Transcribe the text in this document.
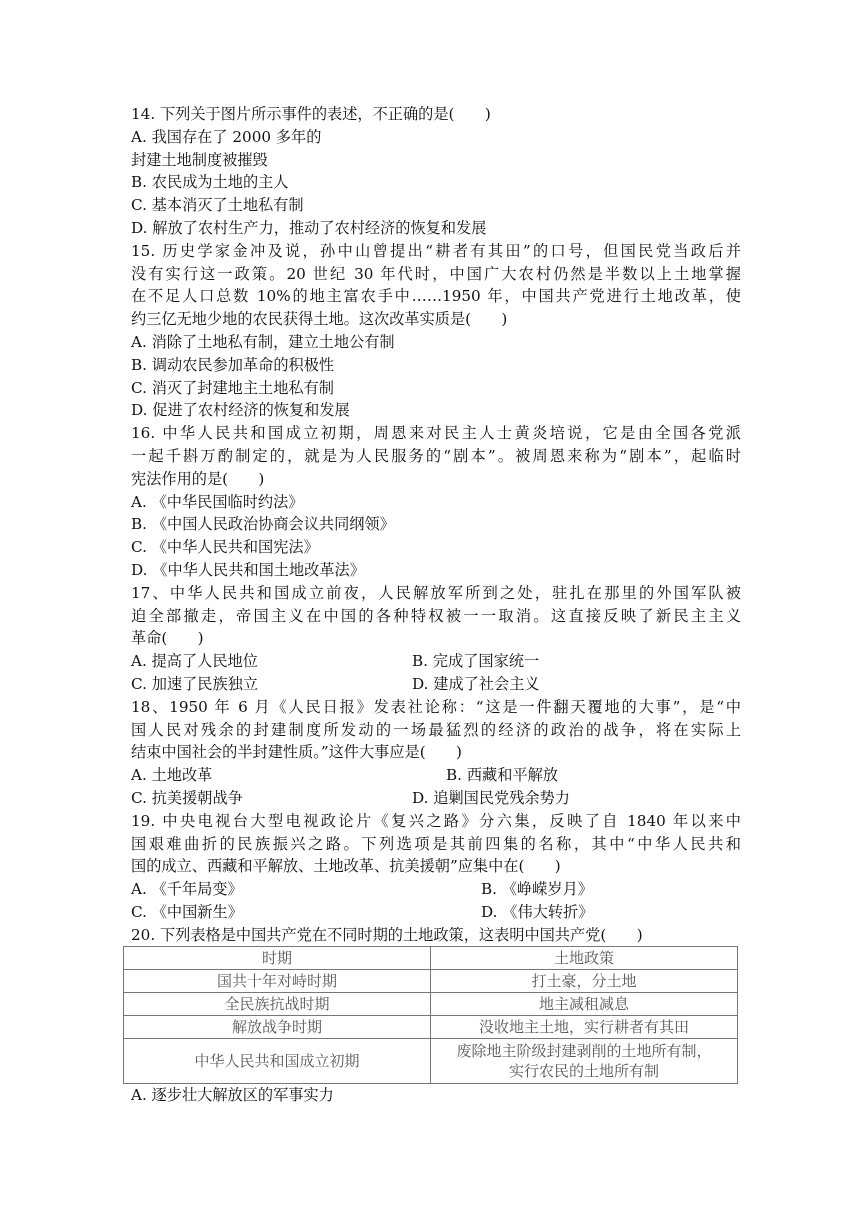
14. 下列关于图片所示事件的表述，不正确的是(　　)
A. 我国存在了 2000 多年的
封建土地制度被摧毁
B. 农民成为土地的主人
C. 基本消灭了土地私有制
D. 解放了农村生产力，推动了农村经济的恢复和发展
15. 历史学家金冲及说，孙中山曾提出“耕者有其田”的口号，但国民党当政后并
没有实行这一政策。20 世纪 30 年代时，中国广大农村仍然是半数以上土地掌握
在不足人口总数 10%的地主富农手中……1950 年，中国共产党进行土地改革，使
约三亿无地少地的农民获得土地。这次改革实质是(　　)
A. 消除了土地私有制，建立土地公有制
B. 调动农民参加革命的积极性
C. 消灭了封建地主土地私有制
D. 促进了农村经济的恢复和发展
16. 中华人民共和国成立初期，周恩来对民主人士黄炎培说，它是由全国各党派
一起千斟万酌制定的，就是为人民服务的“剧本”。被周恩来称为“剧本”，起临时
宪法作用的是(　　)
A. 《中华民国临时约法》
B. 《中国人民政治协商会议共同纲领》
C. 《中华人民共和国宪法》
D. 《中华人民共和国土地改革法》
17、中华人民共和国成立前夜，人民解放军所到之处，驻扎在那里的外国军队被
迫全部撤走，帝国主义在中国的各种特权被一一取消。这直接反映了新民主主义
革命(　　)
A. 提高了人民地位	B. 完成了国家统一
C. 加速了民族独立	D. 建成了社会主义
18、1950 年 6 月《人民日报》发表社论称：“这是一件翻天覆地的大事”，是“中
国人民对残余的封建制度所发动的一场最猛烈的经济的政治的战争，将在实际上
结束中国社会的半封建性质。”这件大事应是(　　)
A. 土地改革	B. 西藏和平解放
C. 抗美援朝战争	D. 追剿国民党残余势力
19. 中央电视台大型电视政论片《复兴之路》分六集，反映了自 1840 年以来中
国艰难曲折的民族振兴之路。下列选项是其前四集的名称，其中“中华人民共和
国的成立、西藏和平解放、土地改革、抗美援朝”应集中在(　　)
A. 《千年局变》	B. 《峥嵘岁月》
C. 《中国新生》	D. 《伟大转折》
20. 下列表格是中国共产党在不同时期的土地政策，这表明中国共产党(　　)
时期	土地政策
国共十年对峙时期	打土豪，分土地
全民族抗战时期	地主减租减息
解放战争时期	没收地主土地，实行耕者有其田
中华人民共和国成立初期	废除地主阶级封建剥削的土地所有制，
实行农民的土地所有制
A. 逐步壮大解放区的军事实力
